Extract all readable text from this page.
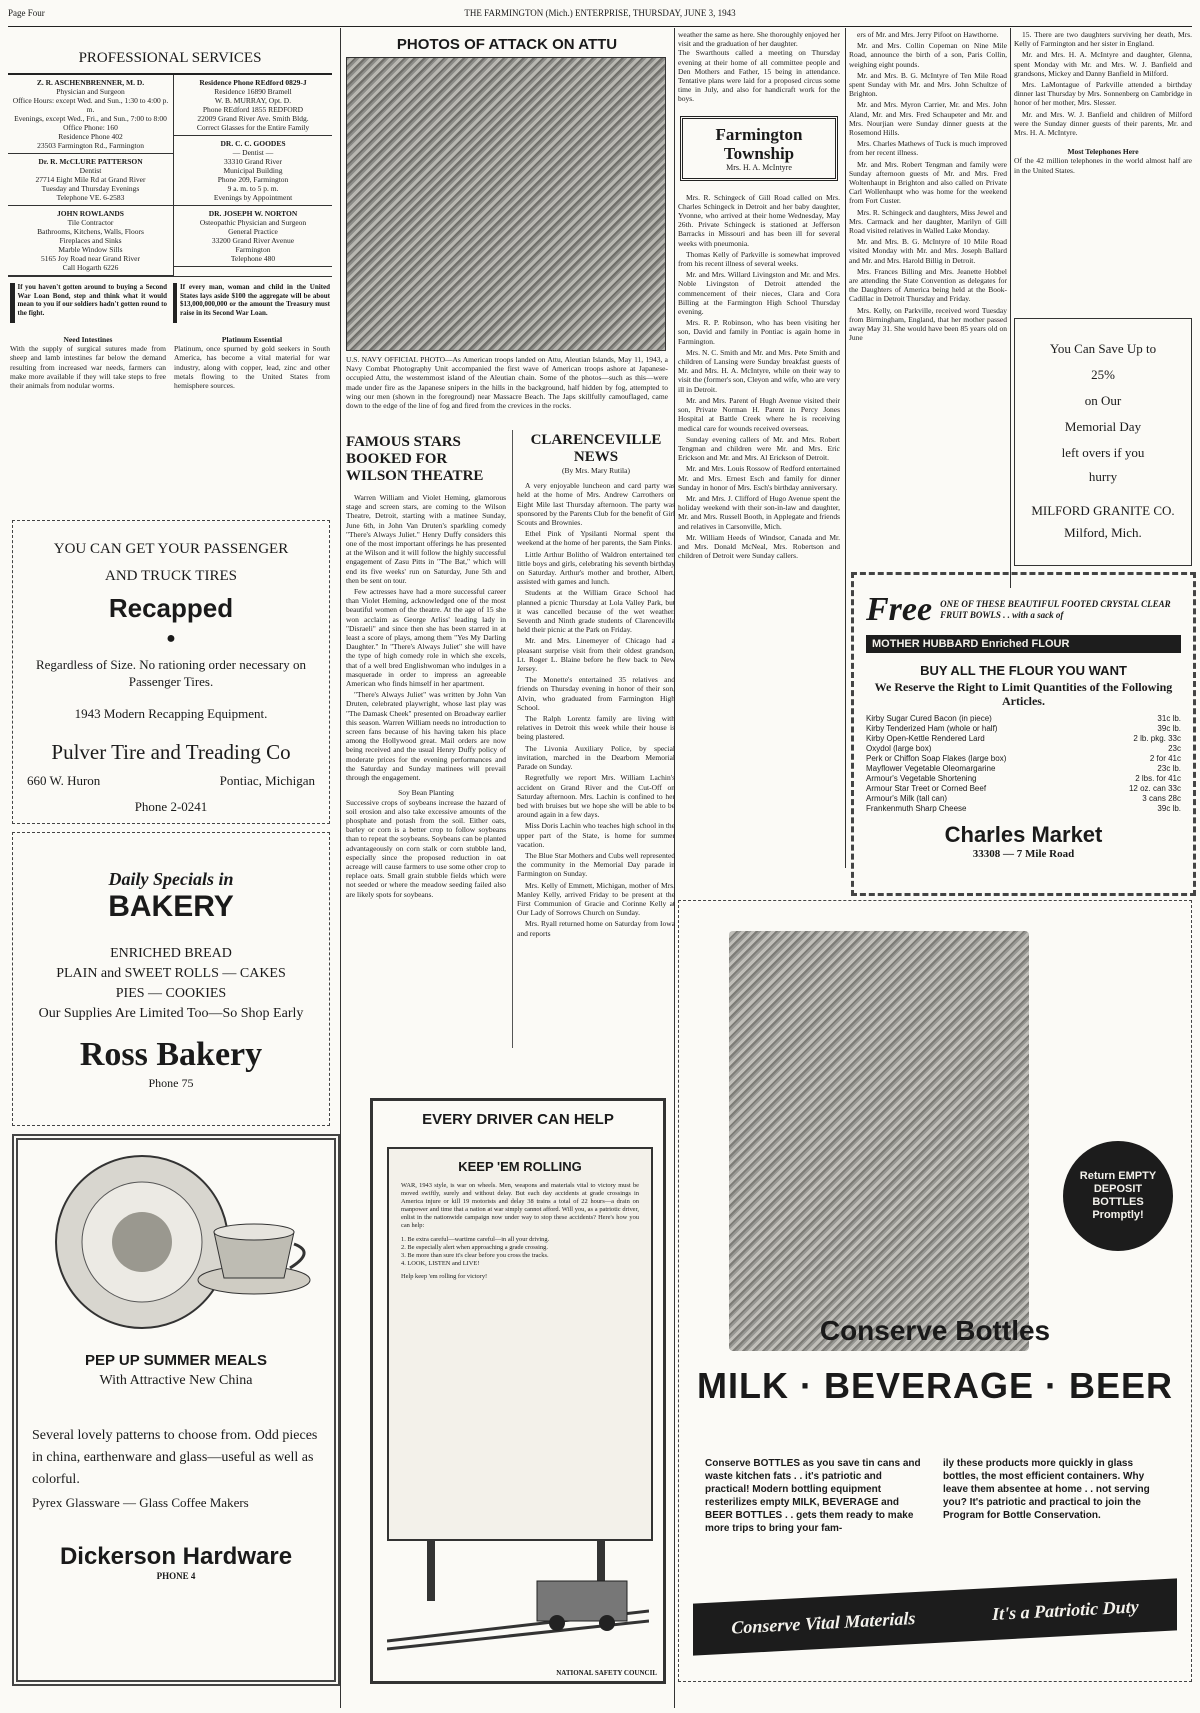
Page Four	THE FARMINGTON (Mich.) ENTERPRISE, THURSDAY, JUNE 3, 1943
PROFESSIONAL SERVICES
Z. R. ASCHENBRENNER, M. D.
Physician and Surgeon
Office Hours: except Wed. and Sun., 1:30 to 4:00 p. m.
Evenings, except Wed., Fri., and Sun., 7:00 to 8:00
Office Phone: 160
Residence Phone 402
23503 Farmington Rd., Farmington
Dr. R. McCLURE PATTERSON
Dentist
27714 Eight Mile Rd at Grand River
Tuesday and Thursday Evenings
Telephone VE. 6-2583
JOHN ROWLANDS
Tile Contractor
Bathrooms, Kitchens, Walls, Floors
Fireplaces and Sinks
Marble Window Sills
5165 Joy Road near Grand River
Call Hogarth 6226
Residence Phone REdford 0829-J
Residence 16890 Bramell
W. B. MURRAY, Opt. D.
Phone REdford 1855 REDFORD
22009 Grand River Ave. Smith Bldg.
Correct Glasses for the Entire Family
DR. C. C. GOODES
— Dentist —
33310 Grand River
Municipal Building
Phone 209, Farmington
9 a. m. to 5 p. m.
Evenings by Appointment
DR. JOSEPH W. NORTON
Osteopathic Physician and Surgeon
General Practice
33200 Grand River Avenue
Farmington
Telephone 480
If you haven't gotten around to buying a Second War Loan Bond, step and think what it would mean to you if our soldiers hadn't gotten round to the fight.
If every man, woman and child in the United States lays aside $100 the aggregate will be about $13,000,000,000 or the amount the Treasury must raise in its Second War Loan.
Need Intestines
With the supply of surgical sutures made from sheep and lamb intestines far below the demand resulting from increased war needs, farmers can make more available if they will take steps to free their animals from nodular worms.
Platinum Essential
Platinum, once spurned by gold seekers in South America, has become a vital material for war industry, along with copper, lead, zinc and other metals flowing to the United States from hemisphere sources.
YOU CAN GET YOUR PASSENGER
AND TRUCK TIRES
Recapped
●
Regardless of Size. No rationing order necessary on Passenger Tires.
1943 Modern Recapping Equipment.
Pulver Tire and Treading Co
660 W. Huron	Pontiac, Michigan
Phone 2-0241
Daily Specials in
BAKERY
ENRICHED BREAD
PLAIN and SWEET ROLLS — CAKES
PIES — COOKIES
Our Supplies Are Limited Too—So Shop Early
Ross Bakery
Phone 75
PEP UP SUMMER MEALS
With Attractive New China
Several lovely patterns to choose from. Odd pieces in china, earthenware and glass—useful as well as colorful.
Pyrex Glassware — Glass Coffee Makers
Dickerson Hardware
PHONE 4
PHOTOS OF ATTACK ON ATTU
U.S. NAVY OFFICIAL PHOTO—As American troops landed on Attu, Aleutian Islands, May 11, 1943, a Navy Combat Photography Unit accompanied the first wave of American troops ashore at Japanese-occupied Attu, the westernmost island of the Aleutian chain. Some of the photos—such as this—were made under fire as the Japanese snipers in the hills in the background, half hidden by fog, attempted to wing our men (shown in the foreground) near Massacre Beach. The Japs skillfully camouflaged, came down to the edge of the line of fog and fired from the crevices in the rocks.
FAMOUS STARS BOOKED FOR WILSON THEATRE

Warren William and Violet Heming, glamorous stage and screen stars, are coming to the Wilson Theatre, Detroit, starting with a matinee Sunday, June 6th, in John Van Druten's sparkling comedy "There's Always Juliet." Henry Duffy considers this one of the most important offerings he has presented at the Wilson and it will follow the highly successful engagement of Zasu Pitts in "The Bat," which will end its five weeks' run on Saturday, June 5th and then be sent on tour.

Few actresses have had a more successful career than Violet Heming, acknowledged one of the most beautiful women of the theatre. At the age of 15 she won acclaim as George Arliss' leading lady in "Disraeli" and since then she has been starred in at least a score of plays, among them "Yes My Darling Daughter." In "There's Always Juliet" she will have the type of high comedy role in which she excels, that of a well bred Englishwoman who indulges in a masquerade in order to impress an agreeable American who finds himself in her apartment.

"There's Always Juliet" was written by John Van Druten, celebrated playwright, whose last play was "The Damask Cheek" presented on Broadway earlier this season. Warren William needs no introduction to screen fans because of his having taken his place among the Hollywood great. Mail orders are now being received and the usual Henry Duffy policy of moderate prices for the evening performances and the Saturday and Sunday matinees will prevail through the engagement.

Soy Bean Planting
Successive crops of soybeans increase the hazard of soil erosion and also take excessive amounts of the phosphate and potash from the soil. Either oats, barley or corn is a better crop to follow soybeans than to repeat the soybeans. Soybeans can be planted advantageously on corn stalk or corn stubble land, especially since the proposed reduction in oat acreage will cause farmers to use some other crop to replace oats. Small grain stubble fields which were not seeded or where the meadow seeding failed also are likely spots for soybeans.
CLARENCEVILLE NEWS
(By Mrs. Mary Rutila)

A very enjoyable luncheon and card party was held at the home of Mrs. Andrew Carrothers on Eight Mile last Thursday afternoon. The party was sponsored by the Parents Club for the benefit of Girl Scouts and Brownies.

Ethel Pink of Ypsilanti Normal spent the weekend at the home of her parents, the Sam Pinks.

Little Arthur Bolitho of Waldron entertained ten little boys and girls, celebrating his seventh birthday on Saturday. Arthur's mother and brother, Albert, assisted with games and lunch.

Students at the William Grace School had planned a picnic Thursday at Lola Valley Park, but it was cancelled because of the wet weather. Seventh and Ninth grade students of Clarenceville held their picnic at the Park on Friday.

Mr. and Mrs. Linemeyer of Chicago had a pleasant surprise visit from their oldest grandson, Lt. Roger L. Blaine before he flew back to New Jersey.

The Monette's entertained 35 relatives and friends on Thursday evening in honor of their son, Alvin, who graduated from Farmington High School.

The Ralph Lorentz family are living with relatives in Detroit this week while their house is being plastered.

The Livonia Auxiliary Police, by special invitation, marched in the Dearborn Memorial Parade on Sunday.

Regretfully we report Mrs. William Lachin's accident on Grand River and the Cut-Off on Saturday afternoon. Mrs. Lachin is confined to her bed with bruises but we hope she will be able to be around again in a few days.

Miss Doris Lachin who teaches high school in the upper part of the State, is home for summer vacation.

The Blue Star Mothers and Cubs well represented the community in the Memorial Day parade in Farmington on Sunday.

Mrs. Kelly of Emmett, Michigan, mother of Mrs. Manley Kelly, arrived Friday to be present at the First Communion of Gracie and Corinne Kelly at Our Lady of Sorrows Church on Sunday.

Mrs. Ryall returned home on Saturday from Iowa and reports

weather the same as here. She thoroughly enjoyed her visit and the graduation of her daughter.
The Swarthouts called a meeting on Thursday evening at their home of all committee people and Den Mothers and Father, 15 being in attendance. Tentative plans were laid for a proposed circus some time in July, and also for handicraft work for the boys.
Farmington Township
Mrs. H. A. McIntyre

Mrs. R. Schingeck of Gill Road called on Mrs. Charles Schingeck in Detroit and her baby daughter, Yvonne, who arrived at their home Wednesday, May 26th. Private Schingeck is stationed at Jefferson Barracks in Missouri and has been ill for several weeks with pneumonia.

Thomas Kelly of Parkville is somewhat improved from his recent illness of several weeks.

Mr. and Mrs. Willard Livingston and Mr. and Mrs. Noble Livingston of Detroit attended the commencement of their nieces, Clara and Cora Billing at the Farmington High School Thursday evening.

Mrs. R. P. Robinson, who has been visiting her son, David and family in Pontiac is again home in Farmington.

Mrs. N. C. Smith and Mr. and Mrs. Pete Smith and children of Lansing were Sunday breakfast guests of Mr. and Mrs. H. A. McIntyre, while on their way to visit the (former's son, Cleyon and wife, who are very ill in Detroit.

Mr. and Mrs. Parent of Hugh Avenue visited their son, Private Norman H. Parent in Percy Jones Hospital at Battle Creek where he is receiving medical care for wounds received overseas.

Sunday evening callers of Mr. and Mrs. Robert Tengman and children were Mr. and Mrs. Eric Erickson and Mr. and Mrs. Al Erickson of Detroit.

Mr. and Mrs. Louis Rossow of Redford entertained Mr. and Mrs. Ernest Esch and family for dinner Sunday in honor of Mrs. Esch's birthday anniversary.

Mr. and Mrs. J. Clifford of Hugo Avenue spent the holiday weekend with their son-in-law and daughter, Mr. and Mrs. Russell Booth, in Applegate and friends and relatives in Carsonville, Mich.

Mr. William Heeds of Windsor, Canada and Mr. and Mrs. Donald McNeal, Mrs. Robertson and children of Detroit were Sunday callers.

ers of Mr. and Mrs. Jerry Pifoot on Hawthorne.

Mr. and Mrs. Collin Copeman on Nine Mile Road, announce the birth of a son, Paris Collin, weighing eight pounds.

Mr. and Mrs. B. G. McIntyre of Ten Mile Road spent Sunday with Mr. and Mrs. John Schultze of Brighton.

Mr. and Mrs. Myron Carrier, Mr. and Mrs. John Aland, Mr. and Mrs. Fred Schaupeter and Mr. and Mrs. Nourjian were Sunday dinner guests at the Rosemond Hills.

Mrs. Charles Mathews of Tuck is much improved from her recent illness.

Mr. and Mrs. Robert Tengman and family were Sunday afternoon guests of Mr. and Mrs. Fred Woltenhaupt in Brighton and also called on Private Carl Wollenhaupt who was home for the weekend from Fort Custer.

Mrs. R. Schingeck and daughters, Miss Jewel and Mrs. Carmack and her daughter, Marilyn of Gill Road visited relatives in Walled Lake Monday.

Mr. and Mrs. B. G. McIntyre of 10 Mile Road visited Monday with Mr. and Mrs. Joseph Ballard and Mr. and Mrs. Harold Billig in Detroit.

Mrs. Frances Billing and Mrs. Jeanette Hobbel are attending the State Convention as delegates for the Daughters of America being held at the Book-Cadillac in Detroit Thursday and Friday.

Mrs. Kelly, on Parkville, received word Tuesday from Birmingham, England, that her mother passed away May 31. She would have been 85 years old on June

15. There are two daughters surviving her death, Mrs. Kelly of Farmington and her sister in England.

Mr. and Mrs. H. A. McIntyre and daughter, Glenna, spent Monday with Mr. and Mrs. W. J. Banfield and grandsons, Mickey and Danny Banfield in Milford.

Mrs. LaMontague of Parkville attended a birthday dinner last Thursday by Mrs. Sonnenberg on Cambridge in honor of her mother, Mrs. Slesser.

Mr. and Mrs. W. J. Banfield and children of Milford were the Sunday dinner guests of their parents, Mr. and Mrs. H. A. McIntyre.

Most Telephones Here
Of the 42 million telephones in the world almost half are in the United States.
You Can Save Up to
25%
on Our
Memorial Day
left overs if you
hurry
MILFORD GRANITE CO.
Milford, Mich.
Free ONE OF THESE BEAUTIFUL FOOTED CRYSTAL CLEAR FRUIT BOWLS . . with a sack of
MOTHER HUBBARD Enriched FLOUR
BUY ALL THE FLOUR YOU WANT
We Reserve the Right to Limit Quantities of the Following Articles.
Kirby Sugar Cured Bacon (in piece)	31c lb.
Kirby Tenderized Ham (whole or half)	39c lb.
Kirby Open-Kettle Rendered Lard	2 lb. pkg. 33c
Oxydol (large box)	23c
Perk or Chiffon Soap Flakes (large box)	2 for 41c
Mayflower Vegetable Oleomargarine	23c lb.
Armour's Vegetable Shortening	2 lbs. for 41c
Armour Star Treet or Corned Beef	12 oz. can 33c
Armour's Milk (tall can)	3 cans 28c
Frankenmuth Sharp Cheese	39c lb.
Charles Market
33308 — 7 Mile Road
EVERY DRIVER CAN HELP
KEEP 'EM ROLLING
WAR, 1943 style, is war on wheels. Men, weapons and materials vital to victory must be moved swiftly, surely and without delay. But each day accidents at grade crossings in America injure or kill 19 motorists and delay 38 trains a total of 22 hours—a drain on manpower and time that a nation at war simply cannot afford. Will you, as a patriotic driver, enlist in the nationwide campaign now under way to stop these accidents? Here's how you can help:
1. Be extra careful—wartime careful—in all your driving.
2. Be especially alert when approaching a grade crossing.
3. Be more than sure it's clear before you cross the tracks.
4. LOOK, LISTEN and LIVE!
Help keep 'em rolling for victory!
NATIONAL SAFETY COUNCIL
Return EMPTY DEPOSIT BOTTLES Promptly!
Conserve Bottles
MILK · BEVERAGE · BEER
Conserve BOTTLES as you save tin cans and waste kitchen fats . . it's patriotic and practical! Modern bottling equipment resterilizes empty MILK, BEVERAGE and BEER BOTTLES . . gets them ready to make more trips to bring your fam-
ily these products more quickly in glass bottles, the most efficient containers. Why leave them absentee at home . . not serving you? It's patriotic and practical to join the Program for Bottle Conservation.
Conserve Vital Materials	It's a Patriotic Duty
